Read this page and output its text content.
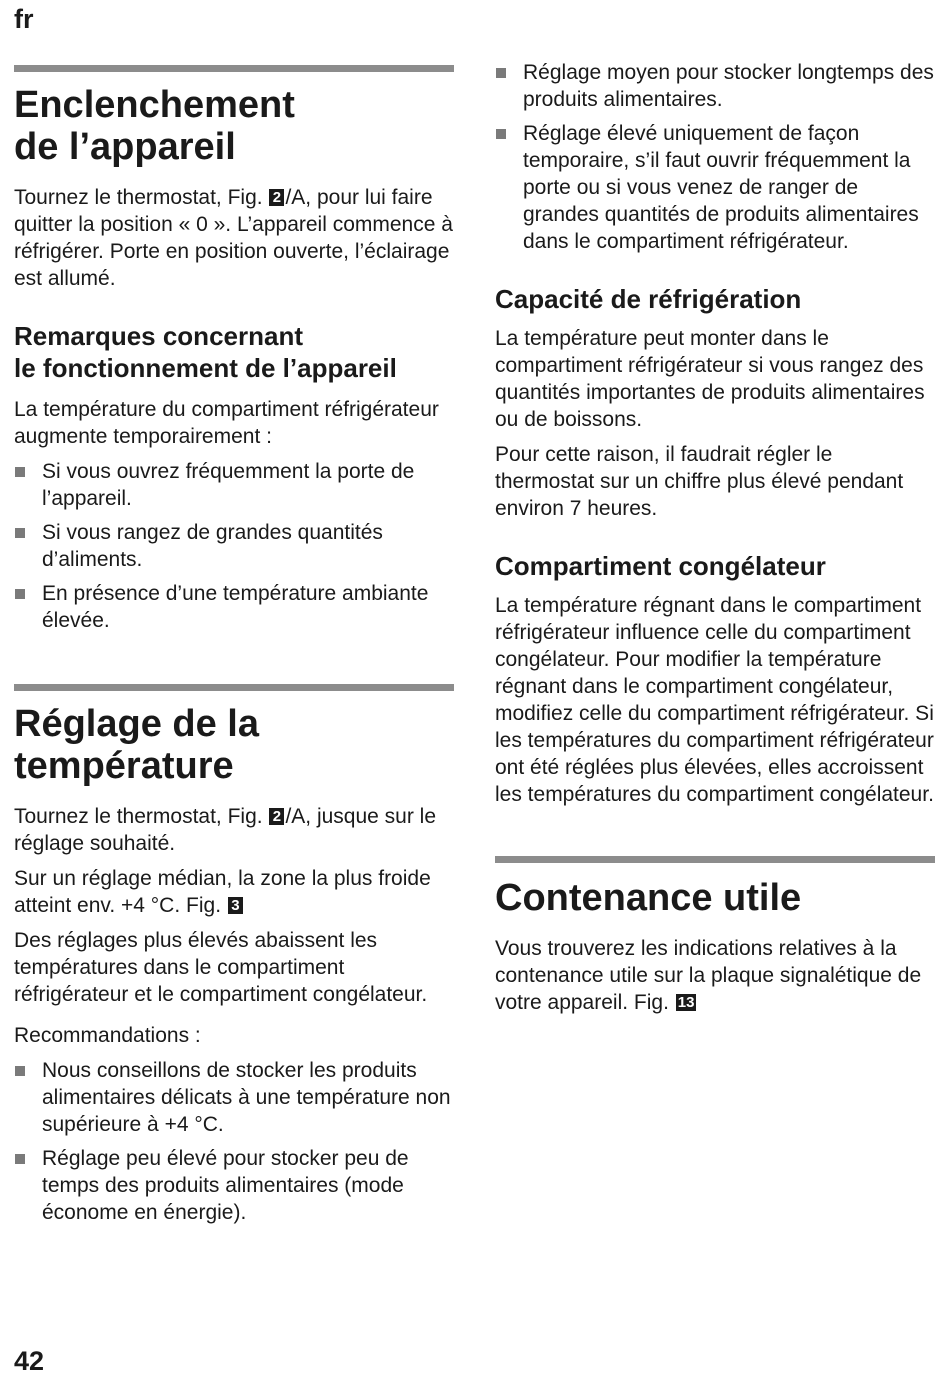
fr
Enclenchement
de l’appareil

Tournez le thermostat, Fig. 2 /A, pour lui faire quitter la position « 0 ». L’appareil commence à réfrigérer. Porte en position ouverte, l’éclairage est allumé.

Remarques concernant
le fonctionnement de l’appareil

La température du compartiment réfrigérateur augmente temporairement :

Si vous ouvrez fréquemment la porte de l’appareil.
Si vous rangez de grandes quantités d’aliments.
En présence d’une température ambiante élevée.
Réglage de la
température

Tournez le thermostat, Fig. 2 /A, jusque sur le réglage souhaité.

Sur un réglage médian, la zone la plus froide atteint env. +4 °C. Fig. 3

Des réglages plus élevés abaissent les températures dans le compartiment réfrigérateur et le compartiment congélateur.

Recommandations :

Nous conseillons de stocker les produits alimentaires délicats à une température non supérieure à +4 °C.
Réglage peu élevé pour stocker peu de temps des produits alimentaires (mode économe en énergie).
Réglage moyen pour stocker longtemps des produits alimentaires.
Réglage élevé uniquement de façon temporaire, s’il faut ouvrir fréquemment la porte ou si vous venez de ranger de grandes quantités de produits alimentaires dans le compartiment réfrigérateur.
Capacité de réfrigération

La température peut monter dans le compartiment réfrigérateur si vous rangez des quantités importantes de produits alimentaires ou de boissons.

Pour cette raison, il faudrait régler le thermostat sur un chiffre plus élevé pendant environ 7 heures.

Compartiment congélateur

La température régnant dans le compartiment réfrigérateur influence celle du compartiment congélateur. Pour modifier la température régnant dans le compartiment congélateur, modifiez celle du compartiment réfrigérateur. Si les températures du compartiment réfrigérateur ont été réglées plus élevées, elles accroissent les températures du compartiment congélateur.

Contenance utile

Vous trouverez les indications relatives à la contenance utile sur la plaque signalétique de votre appareil. Fig. 13

42
